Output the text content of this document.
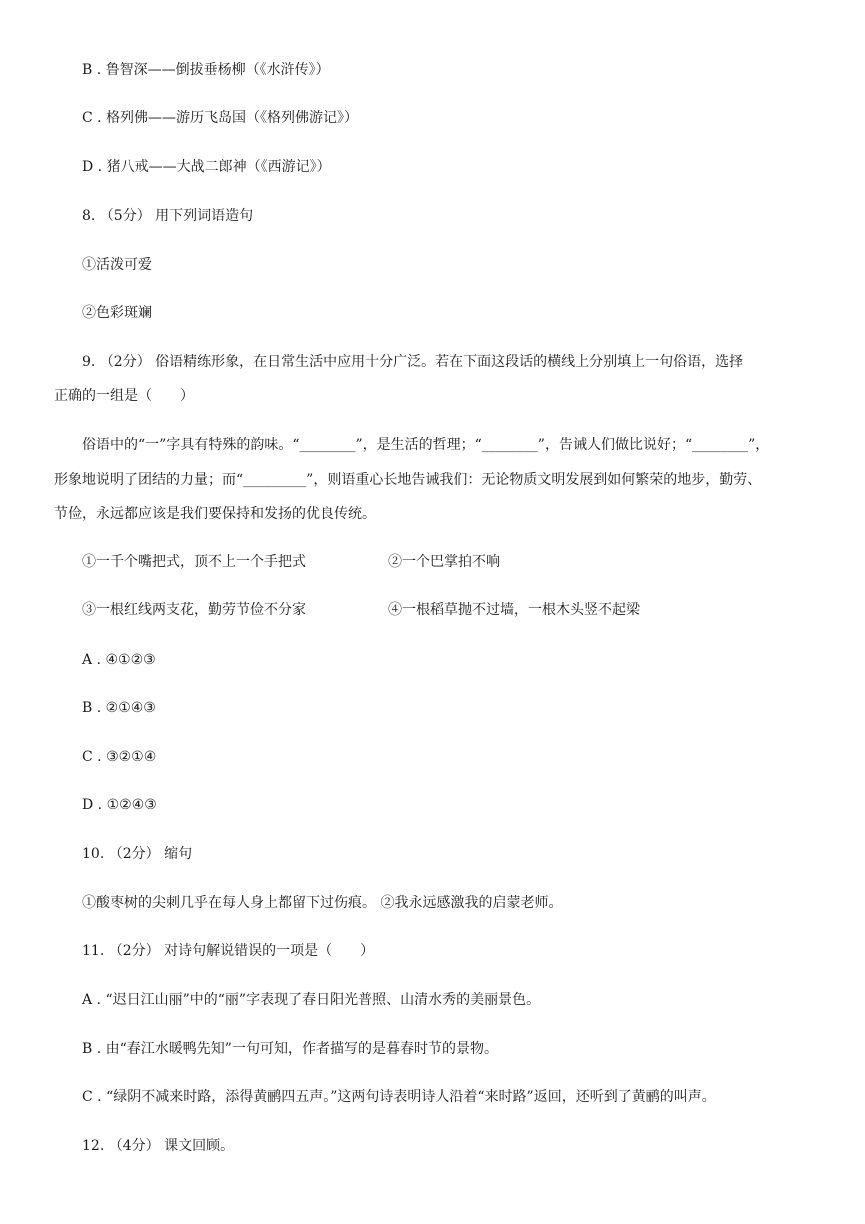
B . 鲁智深——倒拔垂杨柳（《水浒传》）
C . 格列佛——游历飞岛国（《格列佛游记》）
D . 猪八戒——大战二郎神（《西游记》）
8. （5分） 用下列词语造句
①活泼可爱
②色彩斑斓
9. （2分） 俗语精练形象，在日常生活中应用十分广泛。若在下面这段话的横线上分别填上一句俗语，选择
正确的一组是（　　）
俗语中的“一”字具有特殊的韵味。“________”，是生活的哲理；“________”，告诫人们做比说好；“________”，
形象地说明了团结的力量；而“_________”，则语重心长地告诫我们：无论物质文明发展到如何繁荣的地步，勤劳、
节俭，永远都应该是我们要保持和发扬的优良传统。
①一千个嘴把式，顶不上一个手把式	②一个巴掌拍不响
③一根红线两支花，勤劳节俭不分家	④一根稻草抛不过墙，一根木头竖不起梁
A . ④①②③
B . ②①④③
C . ③②①④
D . ①②④③
10. （2分） 缩句
①酸枣树的尖刺几乎在每人身上都留下过伤痕。 ②我永远感激我的启蒙老师。
11. （2分） 对诗句解说错误的一项是（　　）
A . “迟日江山丽”中的“丽”字表现了春日阳光普照、山清水秀的美丽景色。
B . 由“春江水暖鸭先知”一句可知，作者描写的是暮春时节的景物。
C . “绿阴不减来时路，添得黄鹂四五声。”这两句诗表明诗人沿着“来时路”返回，还听到了黄鹂的叫声。
12. （4分） 课文回顾。
